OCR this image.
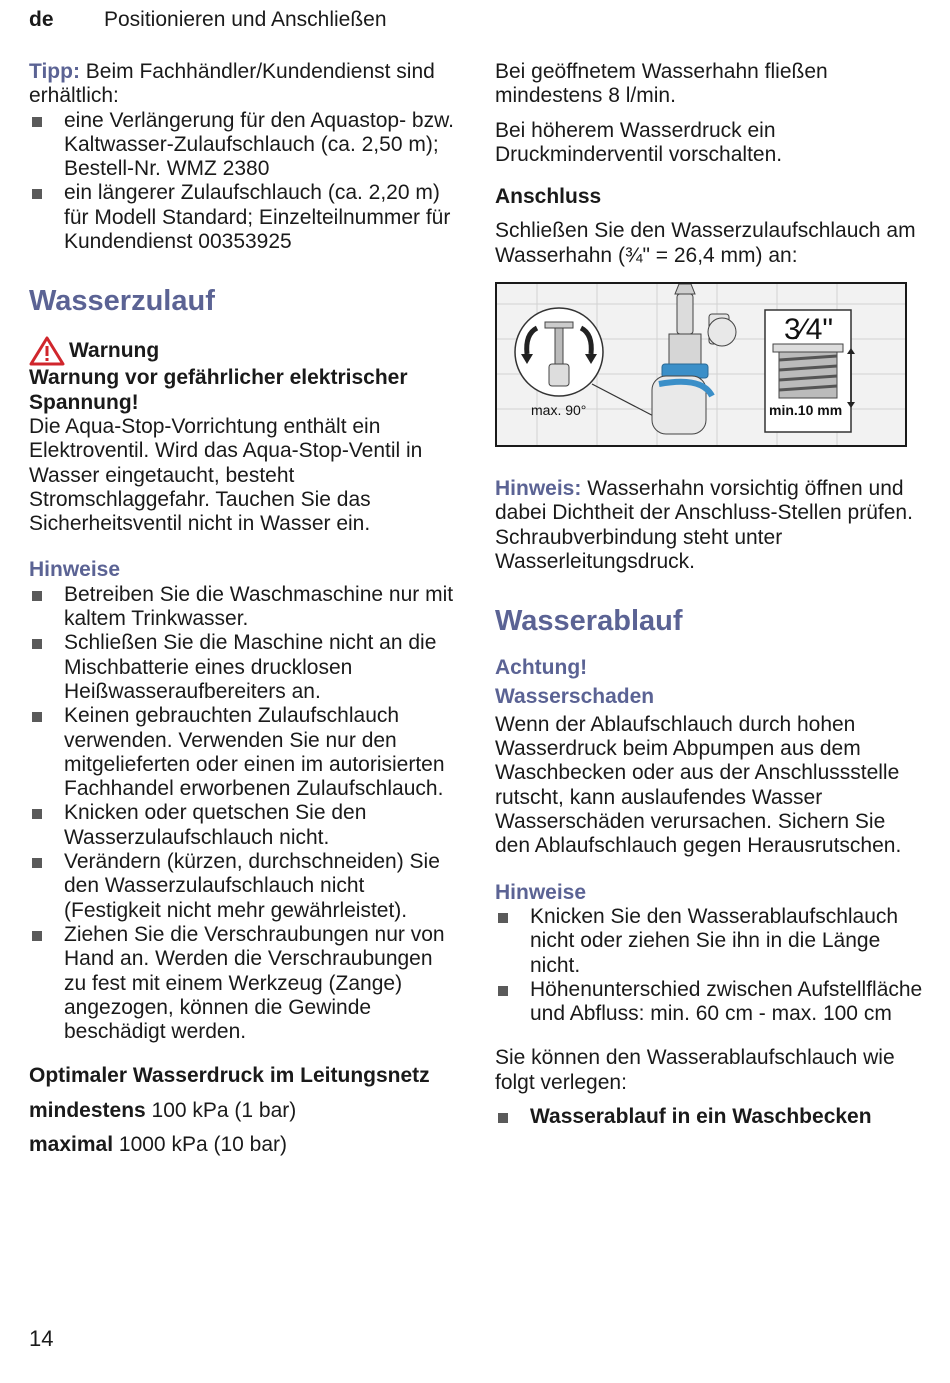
de Positionieren und Anschließen

Tipp: Beim Fachhändler/Kundendienst sind erhältlich:

eine Verlängerung für den Aquastop- bzw. Kaltwasser-Zulaufschlauch (ca. 2,50 m); Bestell-Nr. WMZ 2380
ein längerer Zulaufschlauch (ca. 2,20 m) für Modell Standard; Einzelteilnummer für Kundendienst 00353925
Wasserzulauf
Warnung

Warnung vor gefährlicher elektrischer Spannung!

Die Aqua-Stop-Vorrichtung enthält ein Elektroventil. Wird das Aqua-Stop-Ventil in Wasser eingetaucht, besteht Stromschlaggefahr. Tauchen Sie das Sicherheitsventil nicht in Wasser ein.

Hinweise
Betreiben Sie die Waschmaschine nur mit kaltem Trinkwasser.
Schließen Sie die Maschine nicht an die Mischbatterie eines drucklosen Heißwasseraufbereiters an.
Keinen gebrauchten Zulaufschlauch verwenden. Verwenden Sie nur den mitgelieferten oder einen im autorisierten Fachhandel erworbenen Zulaufschlauch.
Knicken oder quetschen Sie den Wasserzulaufschlauch nicht.
Verändern (kürzen, durchschneiden) Sie den Wasserzulaufschlauch nicht (Festigkeit nicht mehr gewährleistet).
Ziehen Sie die Verschraubungen nur von Hand an. Werden die Verschraubungen zu fest mit einem Werkzeug (Zange) angezogen, können die Gewinde beschädigt werden.

Optimaler Wasserdruck im Leitungsnetz

mindestens 100 kPa (1 bar)

maximal 1000 kPa (10 bar)

Bei geöffnetem Wasserhahn fließen mindestens 8 l/min.

Bei höherem Wasserdruck ein Druckminderventil vorschalten.

Anschluss

Schließen Sie den Wasserzulaufschlauch am Wasserhahn (¾" = 26,4 mm) an:

3⁄4"
max. 90°	min.10 mm

Hinweis: Wasserhahn vorsichtig öffnen und dabei Dichtheit der Anschluss-Stellen prüfen. Schraubverbindung steht unter Wasserleitungsdruck.

Wasserablauf
Achtung!
Wasserschaden

Wenn der Ablaufschlauch durch hohen Wasserdruck beim Abpumpen aus dem Waschbecken oder aus der Anschlussstelle rutscht, kann auslaufendes Wasser Wasserschäden verursachen. Sichern Sie den Ablaufschlauch gegen Herausrutschen.

Hinweise
Knicken Sie den Wasserablaufschlauch nicht oder ziehen Sie ihn in die Länge nicht.
Höhenunterschied zwischen Aufstellfläche und Abfluss: min. 60 cm - max. 100 cm

Sie können den Wasserablaufschlauch wie folgt verlegen:

Wasserablauf in ein Waschbecken
14
